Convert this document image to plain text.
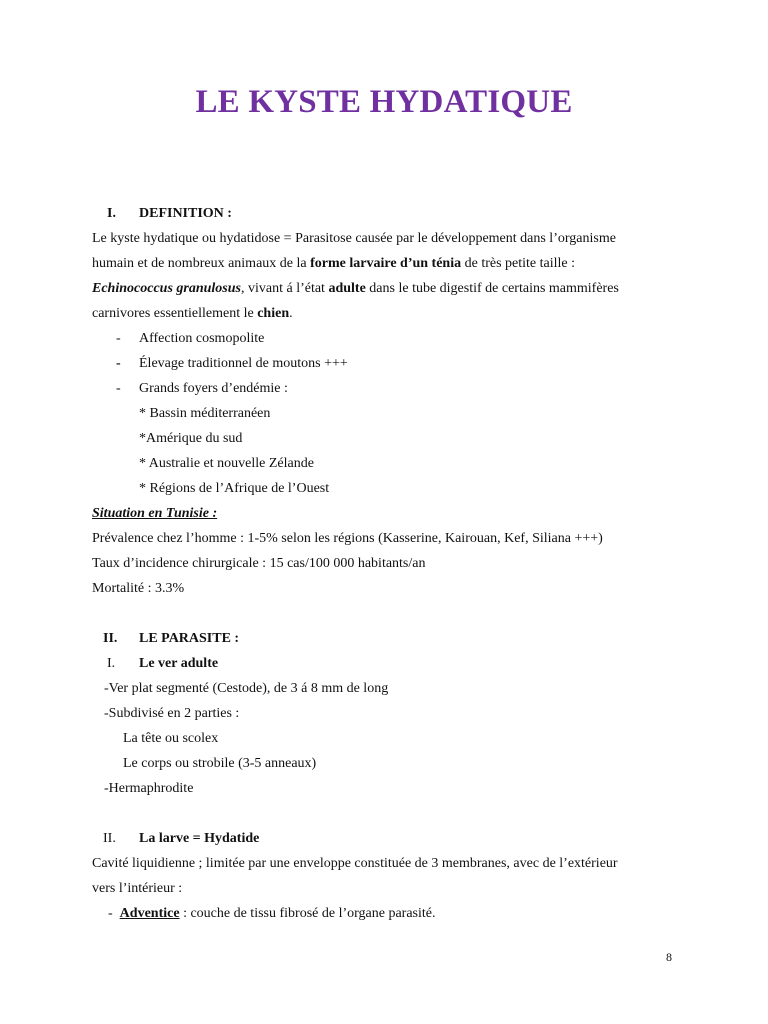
LE KYSTE HYDATIQUE
I. DEFINITION :
Le kyste hydatique ou hydatidose = Parasitose causée par le développement dans l’organisme
humain et de nombreux animaux de la forme larvaire d’un ténia de très petite taille :
Echinococcus granulosus, vivant á l’état adulte dans le tube digestif de certains mammifères
carnivores essentiellement le chien.
- Affection cosmopolite
- Élevage traditionnel de moutons +++
- Grands foyers d’endémie :
* Bassin méditerranéen
*Amérique du sud
* Australie et nouvelle Zélande
* Régions de l’Afrique de l’Ouest
Situation en Tunisie :
Prévalence chez l’homme : 1-5% selon les régions (Kasserine, Kairouan, Kef, Siliana +++)
Taux d’incidence chirurgicale : 15 cas/100 000 habitants/an
Mortalité : 3.3%
II. LE PARASITE :
I. Le ver adulte
-Ver plat segmenté (Cestode), de 3 á 8 mm de long
-Subdivisé en 2 parties :
La tête ou scolex
Le corps ou strobile (3-5 anneaux)
-Hermaphrodite
II. La larve = Hydatide
Cavité liquidienne ; limitée par une enveloppe constituée de 3 membranes, avec de l’extérieur
vers l’intérieur :
- Adventice : couche de tissu fibrosé de l’organe parasité.
8
